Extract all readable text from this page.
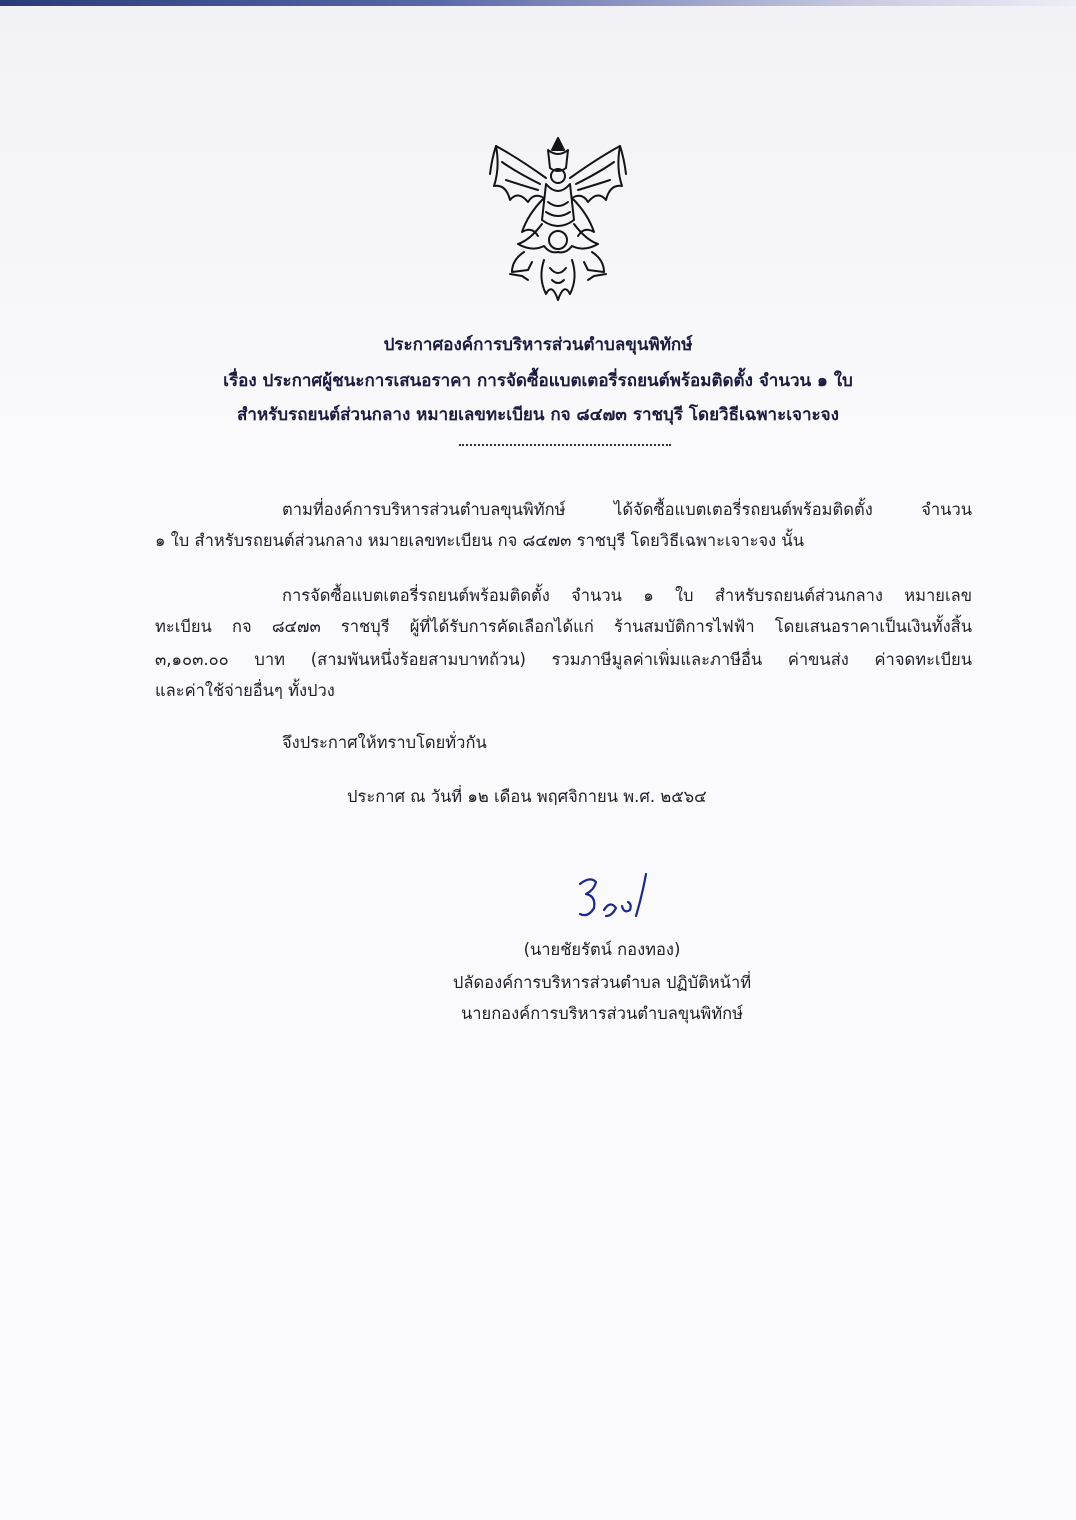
ประกาศองค์การบริหารส่วนตำบลขุนพิทักษ์
เรื่อง ประกาศผู้ชนะการเสนอราคา การจัดซื้อแบตเตอรี่รถยนต์พร้อมติดตั้ง จำนวน ๑ ใบ
สำหรับรถยนต์ส่วนกลาง หมายเลขทะเบียน กจ ๘๔๗๓ ราชบุรี โดยวิธีเฉพาะเจาะจง
ตามที่องค์การบริหารส่วนตำบลขุนพิทักษ์ ได้จัดซื้อแบตเตอรี่รถยนต์พร้อมติดตั้ง จำนวน
๑ ใบ สำหรับรถยนต์ส่วนกลาง หมายเลขทะเบียน กจ ๘๔๗๓ ราชบุรี โดยวิธีเฉพาะเจาะจง นั้น
การจัดซื้อแบตเตอรี่รถยนต์พร้อมติดตั้ง จำนวน ๑ ใบ สำหรับรถยนต์ส่วนกลาง หมายเลข
ทะเบียน กจ ๘๔๗๓ ราชบุรี ผู้ที่ได้รับการคัดเลือกได้แก่ ร้านสมบัติการไฟฟ้า โดยเสนอราคาเป็นเงินทั้งสิ้น
๓,๑๐๓.๐๐ บาท (สามพันหนึ่งร้อยสามบาทถ้วน) รวมภาษีมูลค่าเพิ่มและภาษีอื่น ค่าขนส่ง ค่าจดทะเบียน
และค่าใช้จ่ายอื่นๆ ทั้งปวง
จึงประกาศให้ทราบโดยทั่วกัน
ประกาศ ณ วันที่ ๑๒ เดือน พฤศจิกายน พ.ศ. ๒๕๖๔
(นายชัยรัตน์ กองทอง)
ปลัดองค์การบริหารส่วนตำบล ปฏิบัติหน้าที่
นายกองค์การบริหารส่วนตำบลขุนพิทักษ์
